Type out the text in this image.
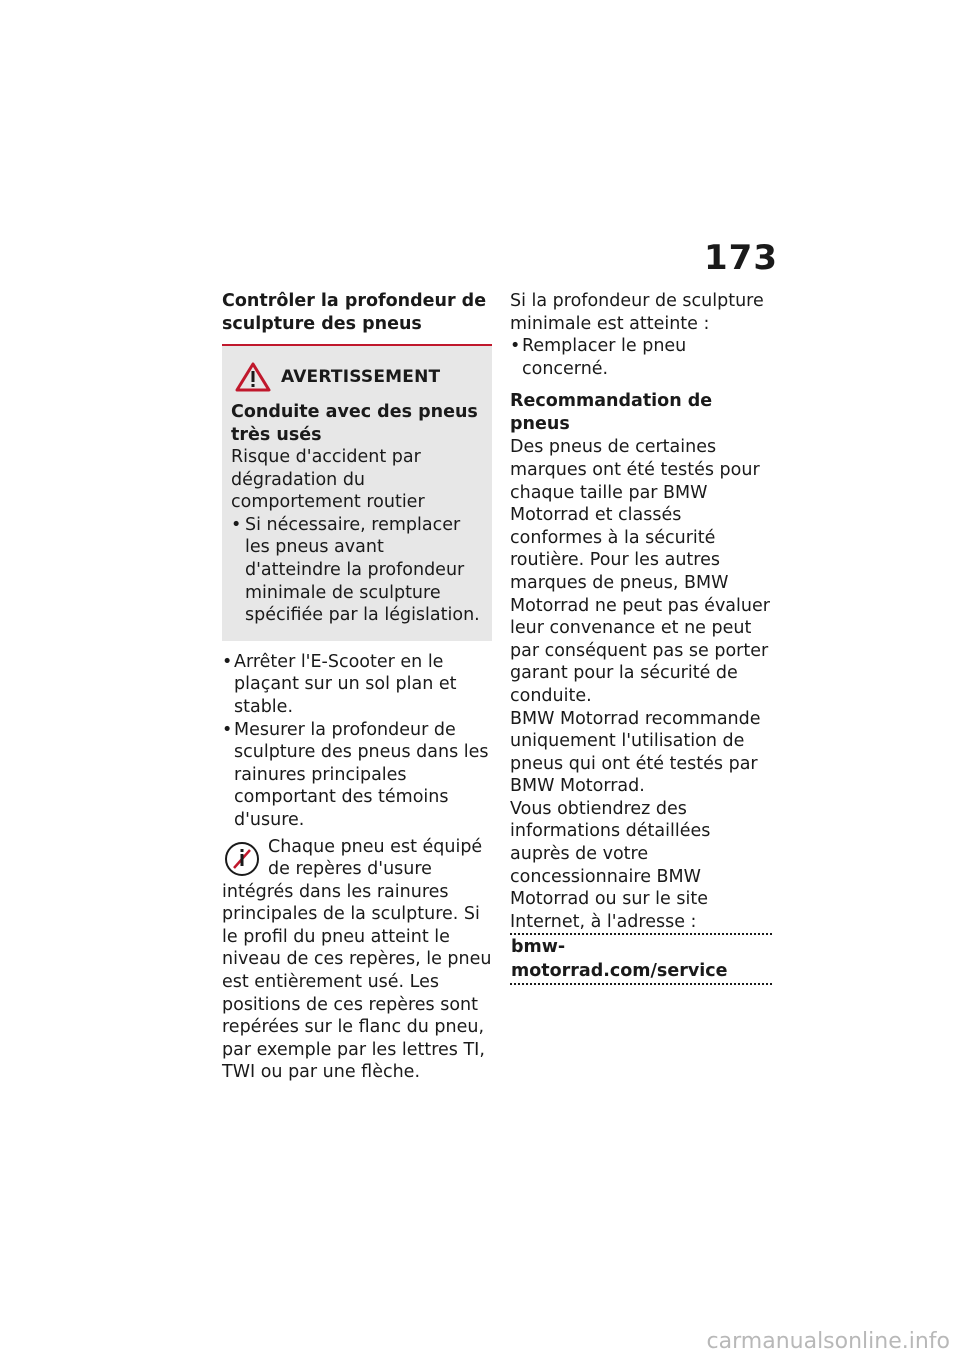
173
Contrôler la profondeur de sculpture des pneus
AVERTISSEMENT
Conduite avec des pneus très usés
Risque d'accident par dégradation du comportement routier
• Si nécessaire, remplacer les pneus avant d'atteindre la profondeur minimale de sculpture spécifiée par la législation.
• Arrêter l'E-Scooter en le plaçant sur un sol plan et stable.
• Mesurer la profondeur de sculpture des pneus dans les rainures principales comportant des témoins d'usure.
Chaque pneu est équipé de repères d'usure intégrés dans les rainures principales de la sculpture. Si le profil du pneu atteint le niveau de ces repères, le pneu est entièrement usé. Les positions de ces repères sont repérées sur le flanc du pneu, par exemple par les lettres TI, TWI ou par une flèche.
Si la profondeur de sculpture minimale est atteinte :
• Remplacer le pneu concerné.
Recommandation de pneus
Des pneus de certaines marques ont été testés pour chaque taille par BMW Motorrad et classés conformes à la sécurité routière. Pour les autres marques de pneus, BMW Motorrad ne peut pas évaluer leur convenance et ne peut par conséquent pas se porter garant pour la sécurité de conduite.
BMW Motorrad recommande uniquement l'utilisation de pneus qui ont été testés par BMW Motorrad.
Vous obtiendrez des informations détaillées auprès de votre concessionnaire BMW Motorrad ou sur le site Internet, à l'adresse :
bmw-motorrad.com/service
carmanualsonline.info
